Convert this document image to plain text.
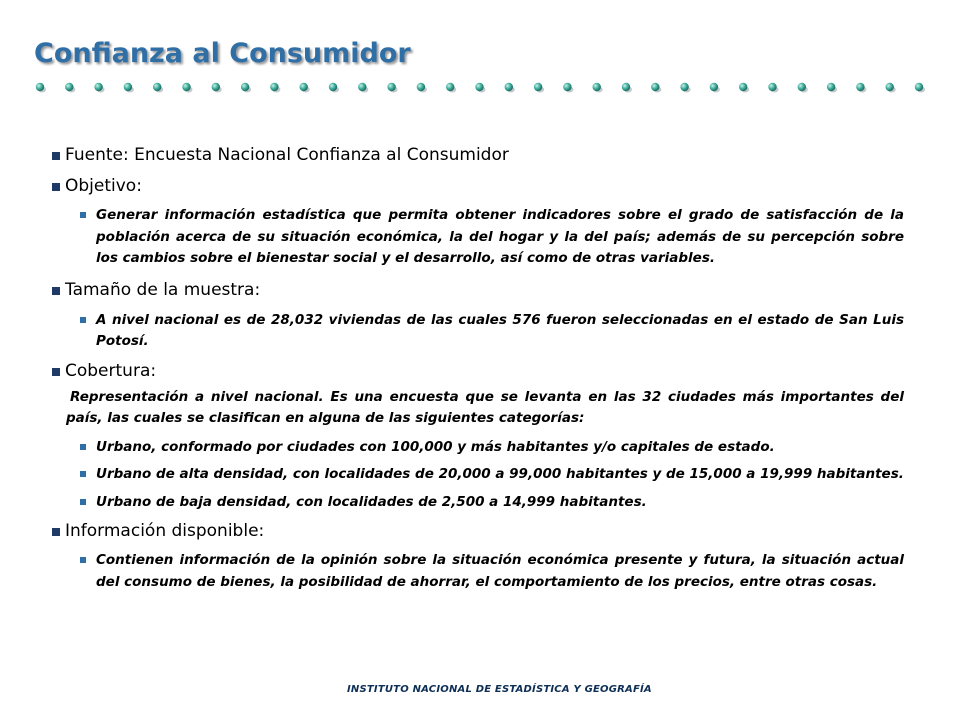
Confianza al Consumidor
Fuente: Encuesta Nacional Confianza al Consumidor
Objetivo:
Generar información estadística que permita obtener indicadores sobre el grado de satisfacción de la población acerca de su situación económica, la del hogar y la del país; además de su percepción sobre los cambios sobre el bienestar social y el desarrollo, así como de otras variables.
Tamaño de la muestra:
A nivel nacional es de 28,032 viviendas de las cuales 576 fueron seleccionadas en el estado de San Luis Potosí.
Cobertura:
Representación a nivel nacional. Es una encuesta que se levanta en las 32 ciudades más importantes del país, las cuales se clasifican en alguna de las siguientes categorías:
Urbano, conformado por ciudades con 100,000 y más habitantes y/o capitales de estado.
Urbano de alta densidad, con localidades de 20,000 a 99,000 habitantes y de 15,000 a 19,999 habitantes.
Urbano de baja densidad, con localidades de 2,500 a 14,999 habitantes.
Información disponible:
Contienen información de la opinión sobre la situación económica presente y futura, la situación actual del consumo de bienes, la posibilidad de ahorrar, el comportamiento de los precios, entre otras cosas.
INSTITUTO NACIONAL DE ESTADÍSTICA Y GEOGRAFÍA
